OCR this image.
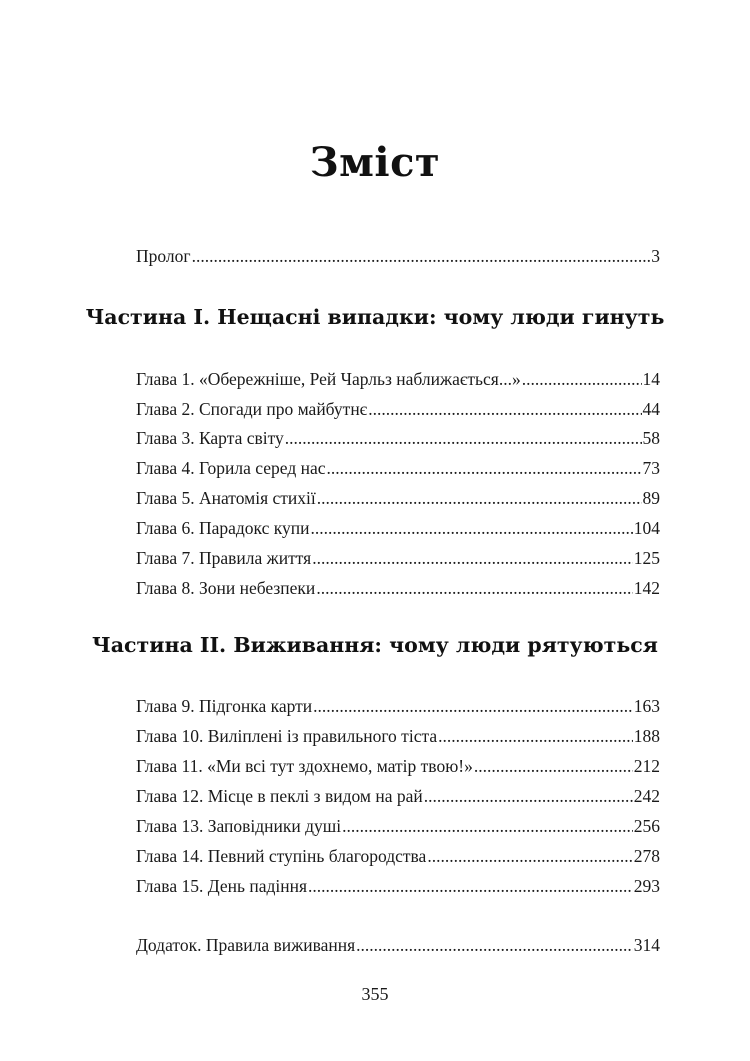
Зміст
Пролог .....	3
Частина I. Нещасні випадки: чому люди гинуть
Глава 1. «Обережніше, Рей Чарльз наближається...» .....	14
Глава 2. Спогади про майбутнє .....	44
Глава 3. Карта світу .....	58
Глава 4. Горила серед нас .....	73
Глава 5. Анатомія стихії .....	89
Глава 6. Парадокс купи .....	104
Глава 7. Правила життя .....	125
Глава 8. Зони небезпеки .....	142
Частина II. Виживання: чому люди рятуються
Глава 9. Підгонка карти .....	163
Глава 10. Виліплені із правильного тіста .....	188
Глава 11. «Ми всі тут здохнемо, матір твою!» .....	212
Глава 12. Місце в пеклі з видом на рай .....	242
Глава 13. Заповідники душі .....	256
Глава 14. Певний ступінь благородства .....	278
Глава 15. День падіння .....	293
Додаток. Правила виживання .....	314
355
